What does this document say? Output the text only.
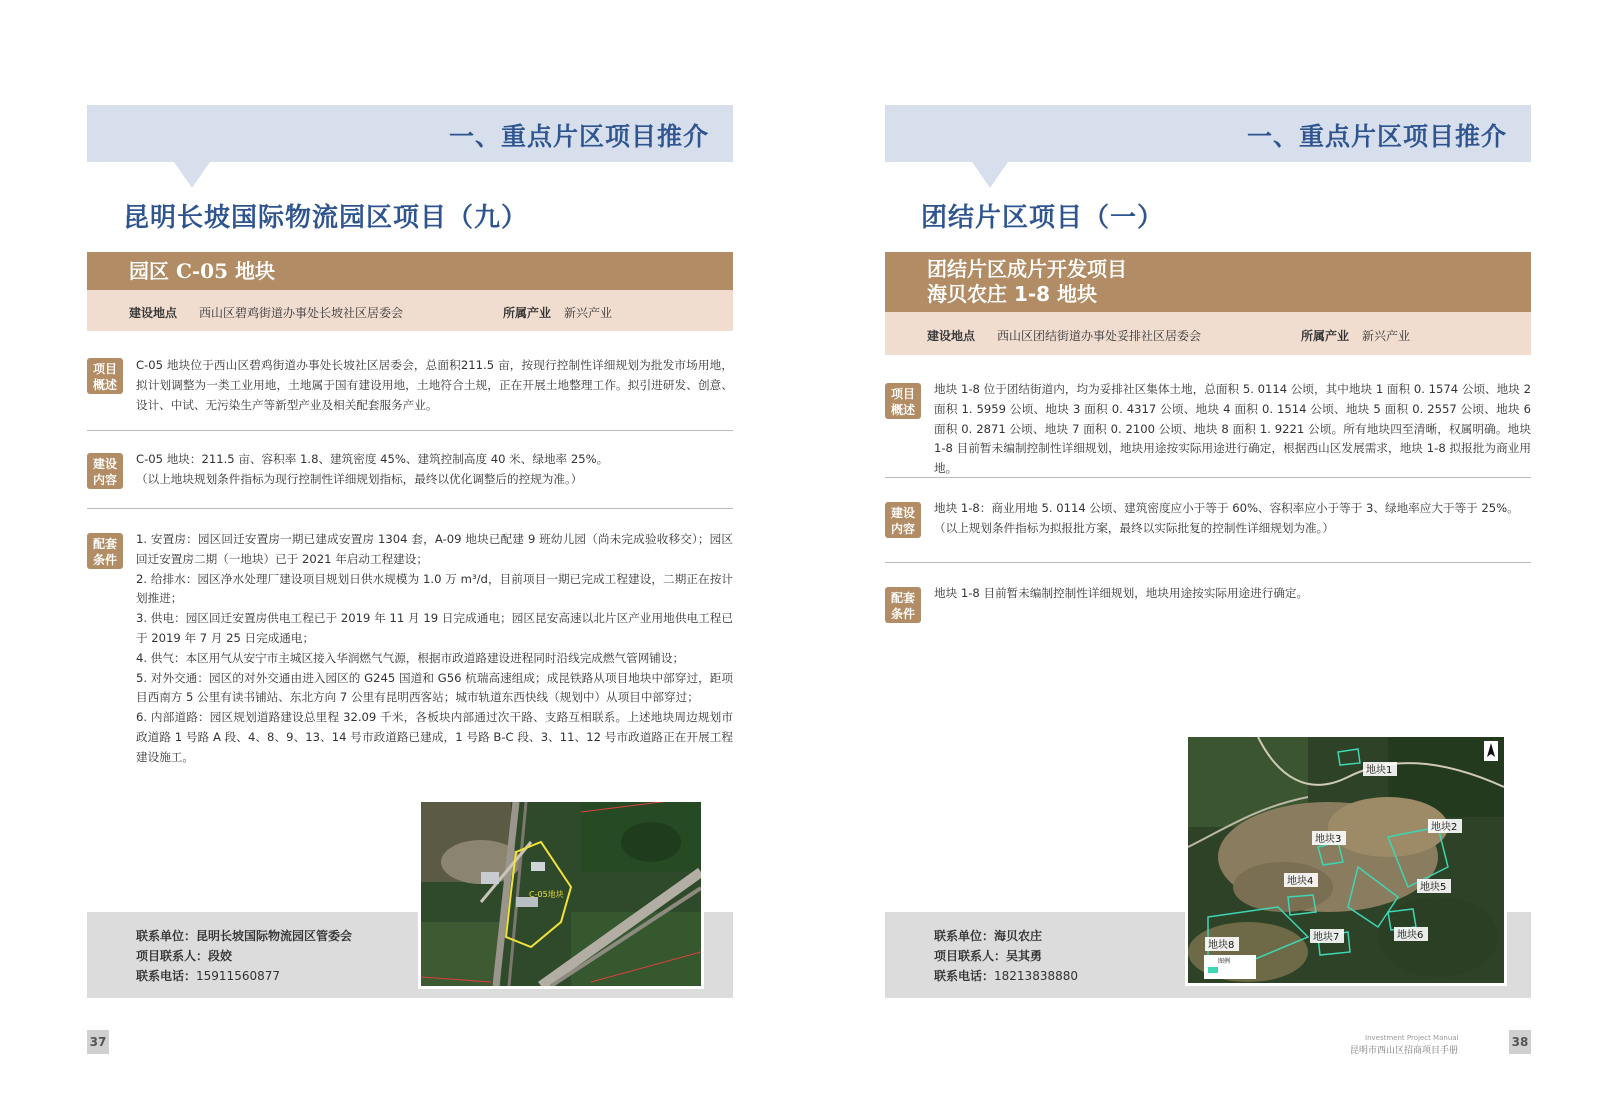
一、重点片区项目推介
昆明长坡国际物流园区项目（九）
园区 C-05 地块
建设地点 西山区碧鸡街道办事处长坡社区居委会	所属产业 新兴产业
项目
概述

C-05 地块位于西山区碧鸡街道办事处长坡社区居委会，总面积211.5 亩，按现行控制性详细规划为批发市场用地，拟计划调整为一类工业用地，土地属于国有建设用地，土地符合土规，正在开展土地整理工作。拟引进研发、创意、设计、中试、无污染生产等新型产业及相关配套服务产业。

建设
内容

C-05 地块：211.5 亩、容积率 1.8、建筑密度 45%、建筑控制高度 40 米、绿地率 25%。

（以上地块规划条件指标为现行控制性详细规划指标，最终以优化调整后的控规为准。）

配套
条件

1. 安置房：园区回迁安置房一期已建成安置房 1304 套，A-09 地块已配建 9 班幼儿园（尚未完成验收移交）；园区回迁安置房二期（一地块）已于 2021 年启动工程建设；

2. 给排水：园区净水处理厂建设项目规划日供水规模为 1.0 万 m³/d，目前项目一期已完成工程建设，二期正在按计划推进；

3. 供电：园区回迁安置房供电工程已于 2019 年 11 月 19 日完成通电；园区昆安高速以北片区产业用地供电工程已于 2019 年 7 月 25 日完成通电；

4. 供气：本区用气从安宁市主城区接入华润燃气气源，根据市政道路建设进程同时沿线完成燃气管网铺设；

5. 对外交通：园区的对外交通由进入园区的 G245 国道和 G56 杭瑞高速组成；成昆铁路从项目地块中部穿过，距项目西南方 5 公里有读书铺站、东北方向 7 公里有昆明西客站；城市轨道东西快线（规划中）从项目中部穿过；

6. 内部道路：园区规划道路建设总里程 32.09 千米，各板块内部通过次干路、支路互相联系。上述地块周边规划市政道路 1 号路 A 段、4、8、9、13、14 号市政道路已建成，1 号路 B-C 段、3、11、12 号市政道路正在开展工程建设施工。

联系单位：昆明长坡国际物流园区管委会
项目联系人：段姣
联系电话：15911560877
C-05地块
37
一、重点片区项目推介
团结片区项目（一）
团结片区成片开发项目
海贝农庄 1-8 地块
建设地点 西山区团结街道办事处妥排社区居委会	所属产业 新兴产业
项目
概述

地块 1-8 位于团结街道内，均为妥排社区集体土地，总面积 5. 0114 公顷，其中地块 1 面积 0. 1574 公顷、地块 2 面积 1. 5959 公顷、地块 3 面积 0. 4317 公顷、地块 4 面积 0. 1514 公顷、地块 5 面积 0. 2557 公顷、地块 6 面积 0. 2871 公顷、地块 7 面积 0. 2100 公顷、地块 8 面积 1. 9221 公顷。所有地块四至清晰，权属明确。地块 1-8 目前暂未编制控制性详细规划，地块用途按实际用途进行确定，根据西山区发展需求，地块 1-8 拟报批为商业用地。

建设
内容

地块 1-8：商业用地 5. 0114 公顷、建筑密度应小于等于 60%、容积率应小于等于 3、绿地率应大于等于 25%。

（以上规划条件指标为拟报批方案，最终以实际批复的控制性详细规划为准。）

配套
条件

地块 1-8 目前暂未编制控制性详细规划，地块用途按实际用途进行确定。

联系单位：海贝农庄
项目联系人：吴其勇
联系电话：18213838880
地块1
地块2
地块3
地块4
地块5
地块6
地块7
地块8
图例
Investment Project Manual
昆明市西山区招商项目手册
38
